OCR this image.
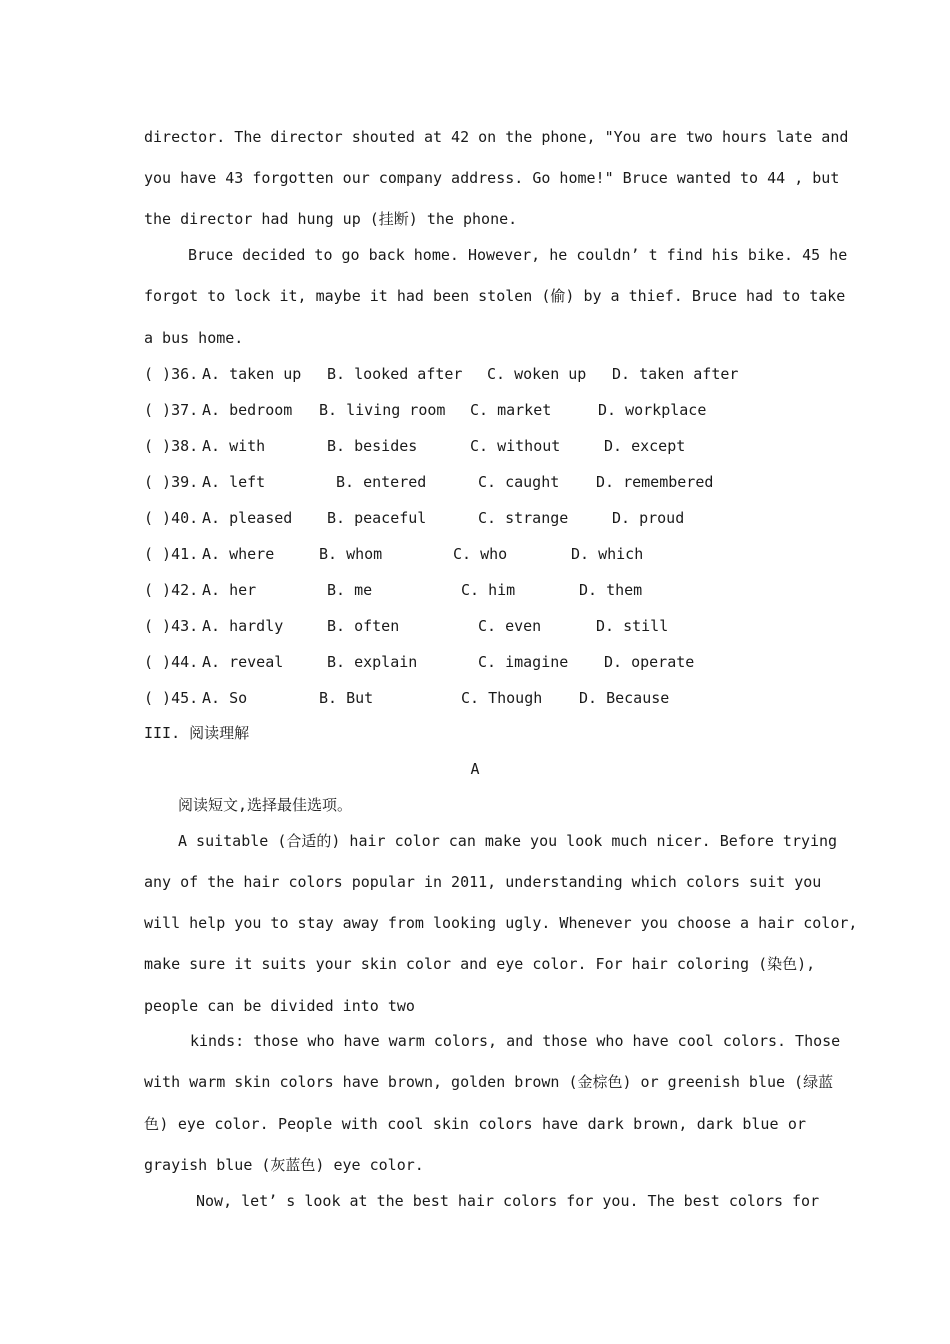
director. The director shouted at 42 on the phone, "You are two hours late and
you have 43 forgotten our company address. Go home!" Bruce wanted to 44 , but
the director had hung up (挂断) the phone.
Bruce decided to go back home. However, he couldn’ t find his bike. 45 he
forgot to lock it, maybe it had been stolen (偷) by a thief. Bruce had to take
a bus home.
( )36. A. taken up B. looked after C. woken up D. taken after
( )37. A. bedroom B. living room C. market	D. workplace
( )38. A. with	B. besides	C. without	D. except
( )39. A. left	B. entered	C. caught D. remembered
( )40. A. pleased B. peaceful	C. strange	D. proud
( )41. A. where	B. whom	C. who	D. which
( )42. A. her	B. me	C. him	D. them
( )43. A. hardly	B. often	C. even	D. still
( )44. A. reveal	B. explain	C. imagine D. operate
( )45. A. So	B. But	C. Though D. Because
III. 阅读理解
A
阅读短文,选择最佳选项。
A suitable (合适的) hair color can make you look much nicer. Before trying
any of the hair colors popular in 2011, understanding which colors suit you
will help you to stay away from looking ugly. Whenever you choose a hair color,
make sure it suits your skin color and eye color. For hair coloring (染色),
people can be divided into two
kinds: those who have warm colors, and those who have cool colors. Those
with warm skin colors have brown, golden brown (金棕色) or greenish blue (绿蓝
色) eye color. People with cool skin colors have dark brown, dark blue or
grayish blue (灰蓝色) eye color.
Now, let’ s look at the best hair colors for you. The best colors for
